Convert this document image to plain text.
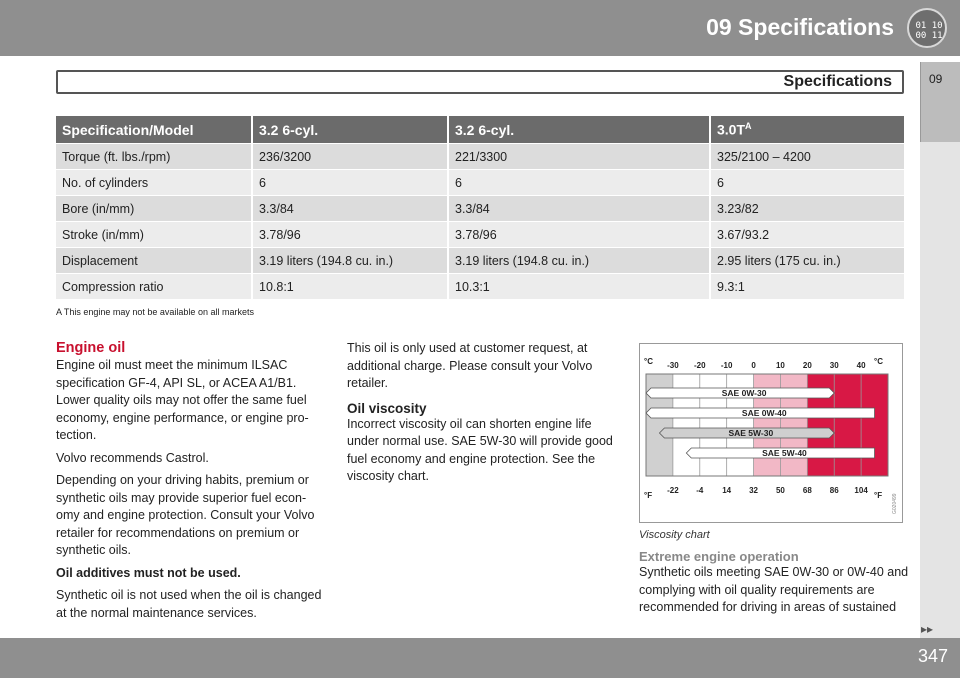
09 Specifications 01 10
00 11
Specifications	09
Specification/Model	3.2 6-cyl.	3.2 6-cyl.	$3.0T^A$
Torque (ft. lbs./rpm)	236/3200	221/3300	325/2100 – 4200
No. of cylinders	6	6	6
Bore (in/mm)	3.3/84	3.3/84	3.23/82
Stroke (in/mm)	3.78/96	3.78/96	3.67/93.2
Displacement	3.19 liters (194.8 cu. in.)	3.19 liters (194.8 cu. in.)	2.95 liters (175 cu. in.)
Compression ratio	10.8:1	10.3:1	9.3:1
A This engine may not be available on all markets
Engine oil

Engine oil must meet the minimum ILSAC specification GF-4, API SL, or ACEA A1/B1. Lower quality oils may not offer the same fuel economy, engine performance, or engine pro-tection.

Volvo recommends Castrol.

Depending on your driving habits, premium or synthetic oils may provide superior fuel econ-omy and engine protection. Consult your Volvo retailer for recommendations on premium or synthetic oils.

Oil additives must not be used.

Synthetic oil is not used when the oil is changed at the normal maintenance services.

This oil is only used at customer request, at additional charge. Please consult your Volvo retailer.

Oil viscosity

Incorrect viscosity oil can shorten engine life under normal use. SAE 5W-30 will provide good fuel economy and engine protection. See the viscosity chart.

-30 -20 -10 0	10 20 30 40
-22 -4 14 32 50 68 86 104
°C	°C
°F	°F
SAE 0W-30
SAE 0W-40
SAE 5W-30
SAE 5W-40
G020499
Viscosity chart
Extreme engine operation

Synthetic oils meeting SAE 0W-30 or 0W-40 and complying with oil quality requirements are recommended for driving in areas of sustained

▸▸
347
